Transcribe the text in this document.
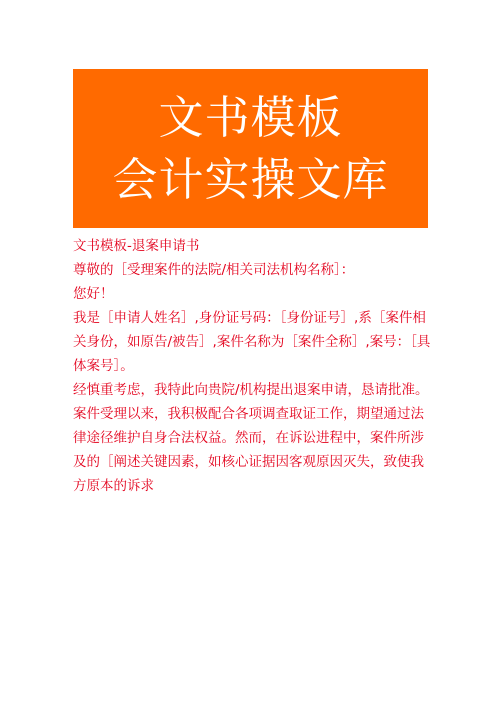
文书模板
会计实操文库

文书模板-退案申请书

尊敬的［受理案件的法院/相关司法机构名称］：

您好！

我是［申请人姓名］,身份证号码：［身份证号］,系［案件相关身份，如原告/被告］,案件名称为［案件全称］,案号：［具体案号］。

经慎重考虑，我特此向贵院/机构提出退案申请，恳请批准。

案件受理以来，我积极配合各项调查取证工作，期望通过法律途径维护自身合法权益。然而，在诉讼进程中，案件所涉及的［阐述关键因素，如核心证据因客观原因灭失，致使我方原本的诉求
